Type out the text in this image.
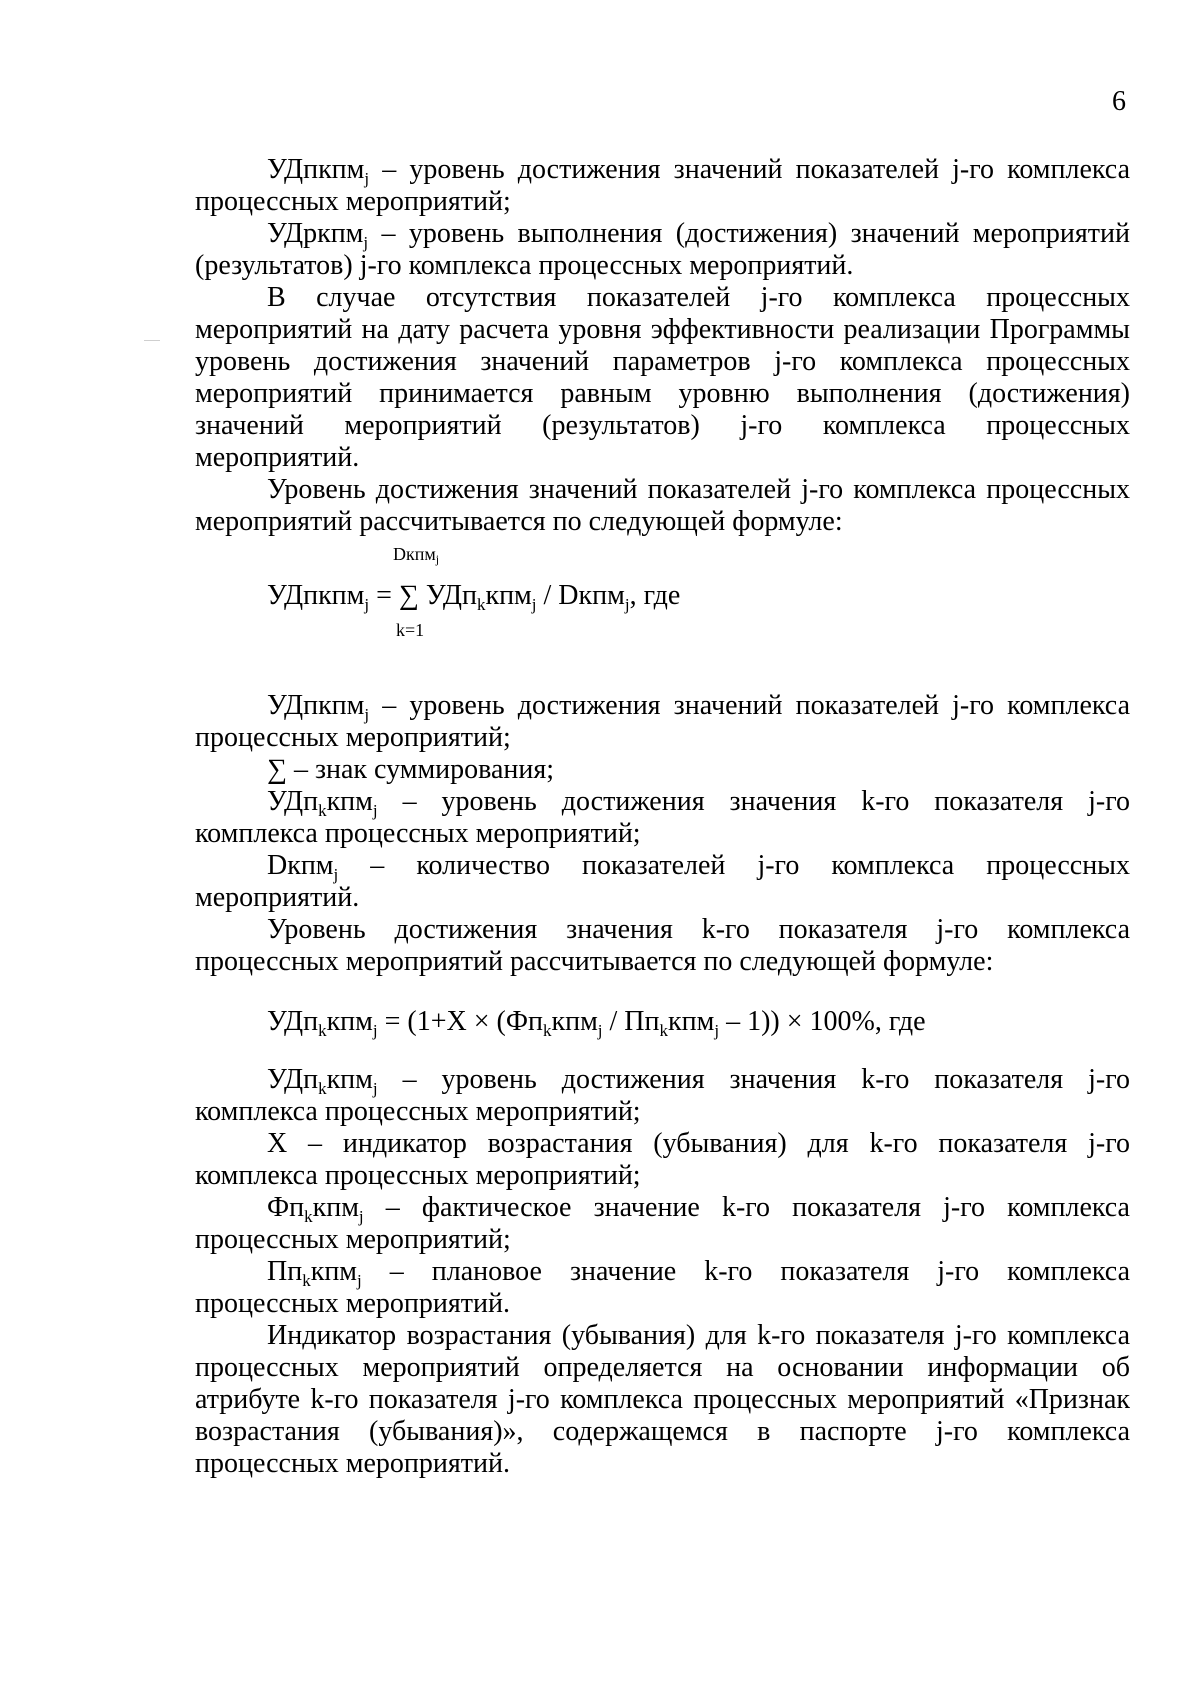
6

УДпкпм$_j$ – уровень достижения значений показателей j-го комплекса процессных мероприятий;

УДркпм$_j$ – уровень выполнения (достижения) значений мероприятий (результатов) j-го комплекса процессных мероприятий.

В случае отсутствия показателей j-го комплекса процессных мероприятий на дату расчета уровня эффективности реализации Программы уровень достижения значений параметров j-го комплекса процессных мероприятий принимается равным уровню выполнения (достижения) значений мероприятий (результатов) j-го комплекса процессных мероприятий.

Уровень достижения значений показателей j-го комплекса процессных мероприятий рассчитывается по следующей формуле:

Dкпм$_j$
УДпкпм$_j$ = ∑ УДп$_k$кпм$_j$ / Dкпм$_j$, где
k=1

УДпкпм$_j$ – уровень достижения значений показателей j-го комплекса процессных мероприятий;

∑ – знак суммирования;

УДп$_k$кпм$_j$ – уровень достижения значения k-го показателя j-го комплекса процессных мероприятий;

Dкпм$_j$ – количество показателей j-го комплекса процессных мероприятий.

Уровень достижения значения k-го показателя j-го комплекса процессных мероприятий рассчитывается по следующей формуле:

$УДп_kкпм_j = (1+X \times (Фп_kкпм_j / Пп_kкпм_j - 1)) \times 100\%$, где

УДп$_k$кпм$_j$ – уровень достижения значения k-го показателя j-го комплекса процессных мероприятий;

X – индикатор возрастания (убывания) для k-го показателя j-го комплекса процессных мероприятий;

$Фп_kкпм_j$ – фактическое значение k-го показателя j-го комплекса процессных мероприятий;

$Пп_kкпм_j$ – плановое значение k-го показателя j-го комплекса процессных мероприятий.

Индикатор возрастания (убывания) для k-го показателя j-го комплекса процессных мероприятий определяется на основании информации об атрибуте k-го показателя j-го комплекса процессных мероприятий «Признак возрастания (убывания)», содержащемся в паспорте j-го комплекса процессных мероприятий.
